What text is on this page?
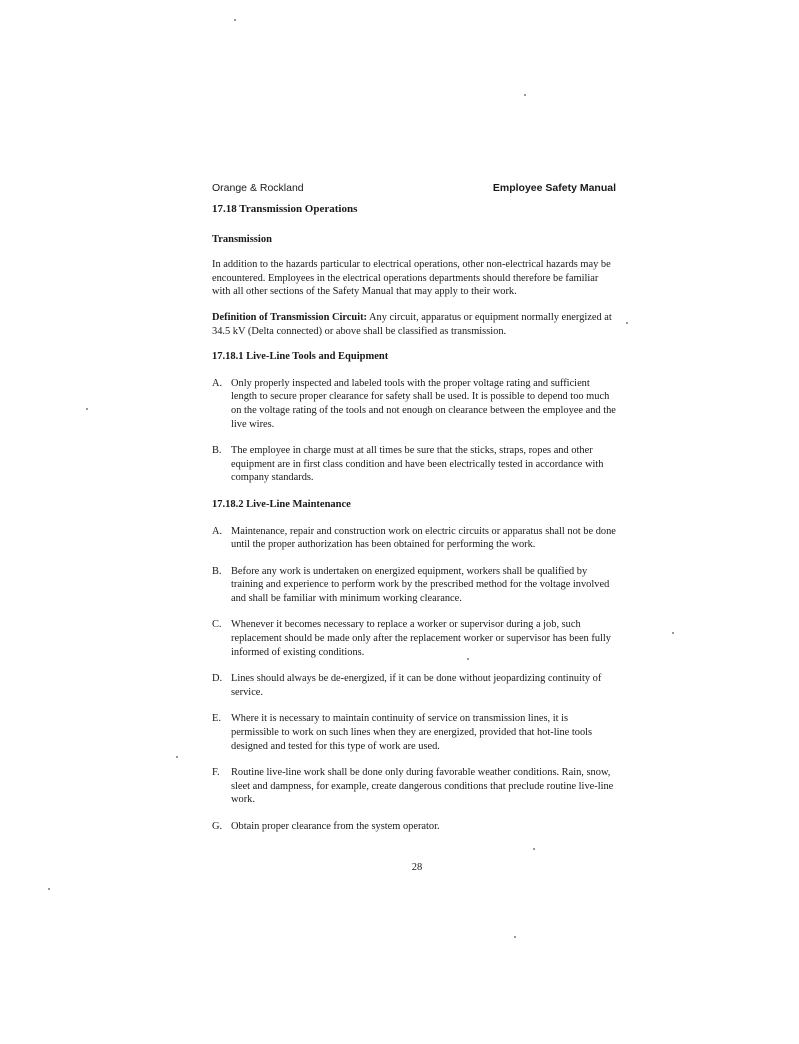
Orange & Rockland	Employee Safety Manual
17.18 Transmission Operations
Transmission
In addition to the hazards particular to electrical operations, other non-electrical hazards may be encountered. Employees in the electrical operations departments should therefore be familiar with all other sections of the Safety Manual that may apply to their work.
Definition of Transmission Circuit: Any circuit, apparatus or equipment normally energized at 34.5 kV (Delta connected) or above shall be classified as transmission.
17.18.1 Live-Line Tools and Equipment
A. Only properly inspected and labeled tools with the proper voltage rating and sufficient length to secure proper clearance for safety shall be used. It is possible to depend too much on the voltage rating of the tools and not enough on clearance between the employee and the live wires.
B. The employee in charge must at all times be sure that the sticks, straps, ropes and other equipment are in first class condition and have been electrically tested in accordance with company standards.
17.18.2 Live-Line Maintenance
A. Maintenance, repair and construction work on electric circuits or apparatus shall not be done until the proper authorization has been obtained for performing the work.
B. Before any work is undertaken on energized equipment, workers shall be qualified by training and experience to perform work by the prescribed method for the voltage involved and shall be familiar with minimum working clearance.
C. Whenever it becomes necessary to replace a worker or supervisor during a job, such replacement should be made only after the replacement worker or supervisor has been fully informed of existing conditions.
D. Lines should always be de-energized, if it can be done without jeopardizing continuity of service.
E. Where it is necessary to maintain continuity of service on transmission lines, it is permissible to work on such lines when they are energized, provided that hot-line tools designed and tested for this type of work are used.
F.	Routine live-line work shall be done only during favorable weather conditions. Rain, snow, sleet and dampness, for example, create dangerous conditions that preclude routine live-line work.
G. Obtain proper clearance from the system operator.
28
